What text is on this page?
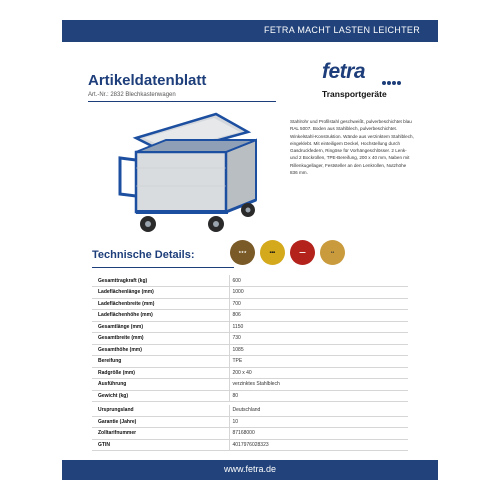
FETRA MACHT LASTEN LEICHTER
Artikeldatenblatt
Art.-Nr.: 2832 Blechkastenwagen
fetra
Transportgeräte
Stahlrohr und Profilstahl geschweißt, pulverbeschichtet blau RAL 5007. Boden aus Stahlblech, pulverbeschichtet. Winkelstahl-Konstruktion. Wände aus verzinktem Stahlblech, eingeklebt. Mit einteiligem Deckel, Hochstellung durch Gasdruckfedern, Ringöse für Vorhängeschlösser. 2 Lenk- und 2 Bockrollen, TPE-Bereifung, 200 x 40 mm, Naben mit Rillenkugellager, Feststeller an den Lenkrollen, Nutzhöhe 836 mm.
Technische Details:	★★★	■■■	▬▬	●●
Gesamttragkraft (kg)	600
Ladeflächenlänge (mm)	1000
Ladeflächenbreite (mm)	700
Ladeflächenhöhe (mm)	806
Gesamtlänge (mm)	1150
Gesamtbreite (mm)	730
Gesamthöhe (mm)	1085
Bereifung	TPE
Radgröße (mm)	200 x 40
Ausführung	verzinktes Stahlblech
Gewicht (kg)	80

Ursprungsland	Deutschland
Garantie (Jahre)	10
Zolltarifnummer	87168000
GTIN	4017976028323
www.fetra.de
